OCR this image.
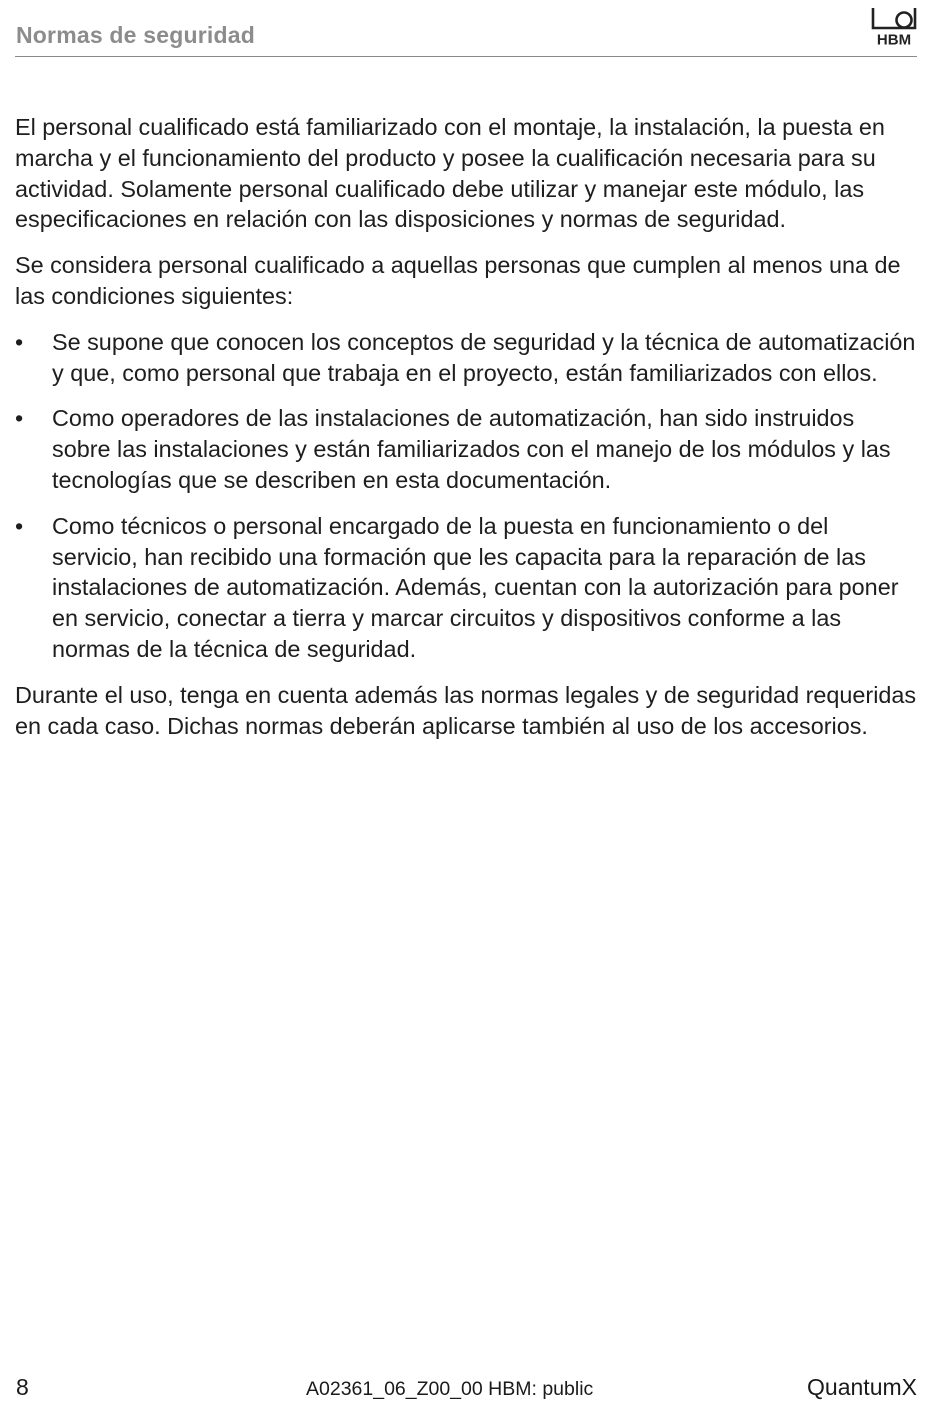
Normas de seguridad	HBM

El personal cualificado está familiarizado con el montaje, la instalación, la puesta en marcha y el funcionamiento del producto y posee la cualificación necesaria para su actividad. Solamente personal cualificado debe utilizar y manejar este módulo, las especificaciones en relación con las disposiciones y normas de seguridad.

Se considera personal cualificado a aquellas personas que cumplen al menos una de las condiciones siguientes:

• Se supone que conocen los conceptos de seguridad y la técnica de automatización y que, como personal que trabaja en el proyecto, están familiarizados con ellos.
• Como operadores de las instalaciones de automatización, han sido instruidos sobre las instalaciones y están familiarizados con el manejo de los módulos y las tecnologías que se describen en esta documentación.
• Como técnicos o personal encargado de la puesta en funcionamiento o del servicio, han recibido una formación que les capacita para la reparación de las instalaciones de automatización. Además, cuentan con la autorización para poner en servicio, conectar a tierra y marcar circuitos y dispositivos conforme a las normas de la técnica de seguridad.

Durante el uso, tenga en cuenta además las normas legales y de seguridad requeridas en cada caso. Dichas normas deberán aplicarse también al uso de los accesorios.

8	A02361_06_Z00_00 HBM: public	QuantumX
